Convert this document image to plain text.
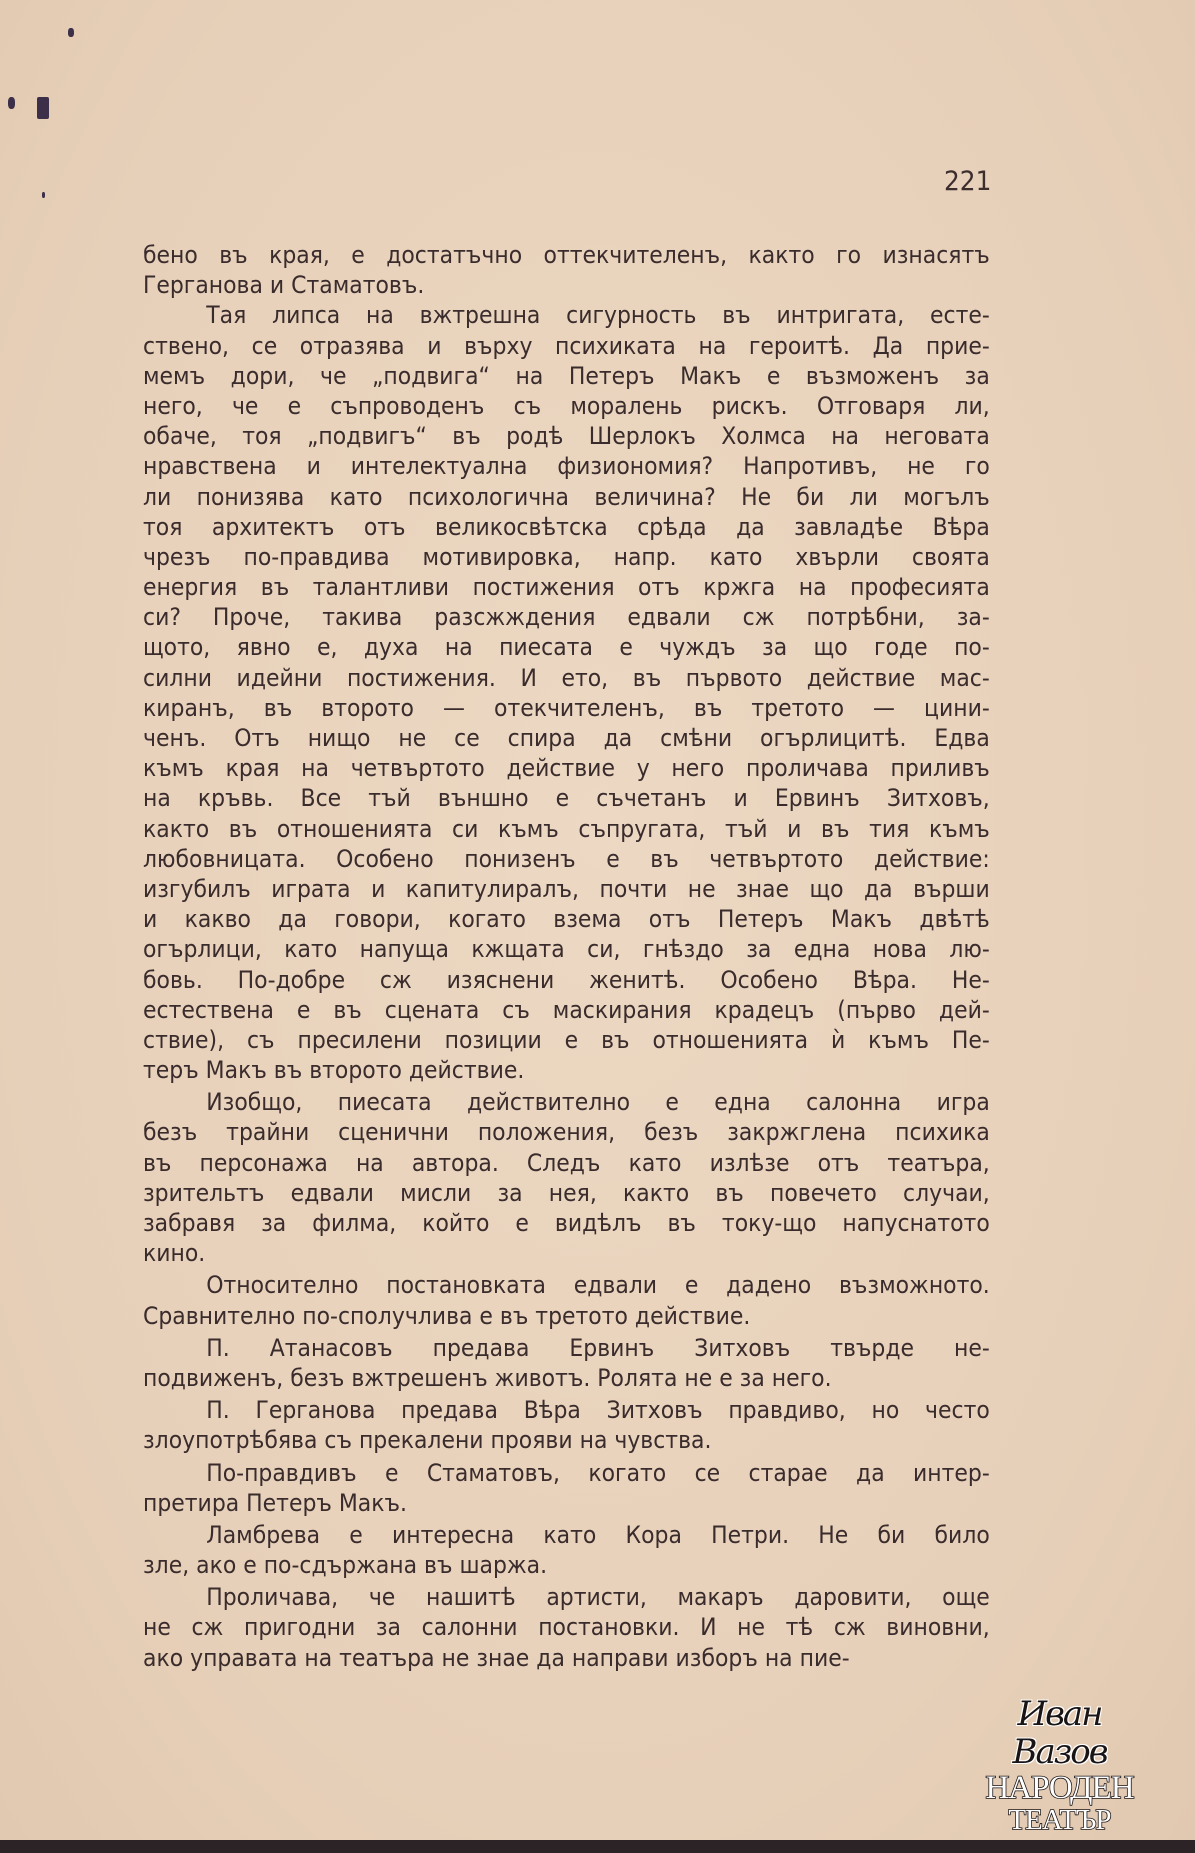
221
бено въ края, е достатъчно оттекчителенъ, както го изнасятъ
Герганова и Стаматовъ.
Тая липса на вжтрешна сигурность въ интригата, есте-
ствено, се отразява и върху психиката на героитѣ. Да прие-
мемъ дори, че „подвига“ на Петеръ Макъ е възможенъ за
него, че е съпроводенъ съ моралень рискъ. Отговаря ли,
обаче, тоя „подвигъ“ въ родѣ Шерлокъ Холмса на неговата
нравствена и интелектуална физиономия? Напротивъ, не го
ли понизява като психологична величина? Не би ли могълъ
тоя архитектъ отъ великосвѣтска срѣда да завладѣе Вѣра
чрезъ по-правдива мотивировка, напр. като хвърли своята
енергия въ талантливи постижения отъ кржга на професията
си? Проче, такива разсжждения едвали сж потрѣбни, за-
щото, явно е, духа на пиесата е чуждъ за що годе по-
силни идейни постижения. И ето, въ първото действие мас-
киранъ, въ второто — отекчителенъ, въ третото — цини-
ченъ. Отъ нищо не се спира да смѣни огърлицитѣ. Едва
къмъ края на четвъртото действие у него проличава приливъ
на кръвь. Все тъй външно е съчетанъ и Ервинъ Зитховъ,
както въ отношенията си къмъ съпругата, тъй и въ тия къмъ
любовницата. Особено понизенъ е въ четвъртото действие:
изгубилъ играта и капитулиралъ, почти не знае що да върши
и какво да говори, когато взема отъ Петеръ Макъ двѣтѣ
огърлици, като напуща кжщата си, гнѣздо за една нова лю-
бовь. По-добре сж изяснени женитѣ. Особено Вѣра. Не-
естествена е въ сцената съ маскирания крадецъ (първо дей-
ствие), съ пресилени позиции е въ отношенията ѝ къмъ Пе-
теръ Макъ въ второто действие.
Изобщо, пиесата действително е една салонна игра
безъ трайни сценични положения, безъ закржглена психика
въ персонажа на автора. Следъ като излѣзе отъ театъра,
зрительтъ едвали мисли за нея, както въ повечето случаи,
забравя за филма, който е видѣлъ въ току-що напуснатото
кино.
Относително постановката едвали е дадено възможното.
Сравнително по-сполучлива е въ третото действие.
П. Атанасовъ предава Ервинъ Зитховъ твърде не-
подвиженъ, безъ вжтрешенъ животъ. Ролята не е за него.
П. Герганова предава Вѣра Зитховъ правдиво, но често
злоупотрѣбява съ прекалени прояви на чувства.
По-правдивъ е Стаматовъ, когато се старае да интер-
претира Петеръ Макъ.
Ламбрева е интересна като Кора Петри. Не би било
зле, ако е по-сдържана въ шаржа.
Проличава, че нашитѣ артисти, макаръ даровити, още
не сж пригодни за салонни постановки. И не тѣ сж виновни,
ако управата на театъра не знае да направи изборъ на пие-
Иван Вазов
НАРОДЕН
ТЕАТЪР
